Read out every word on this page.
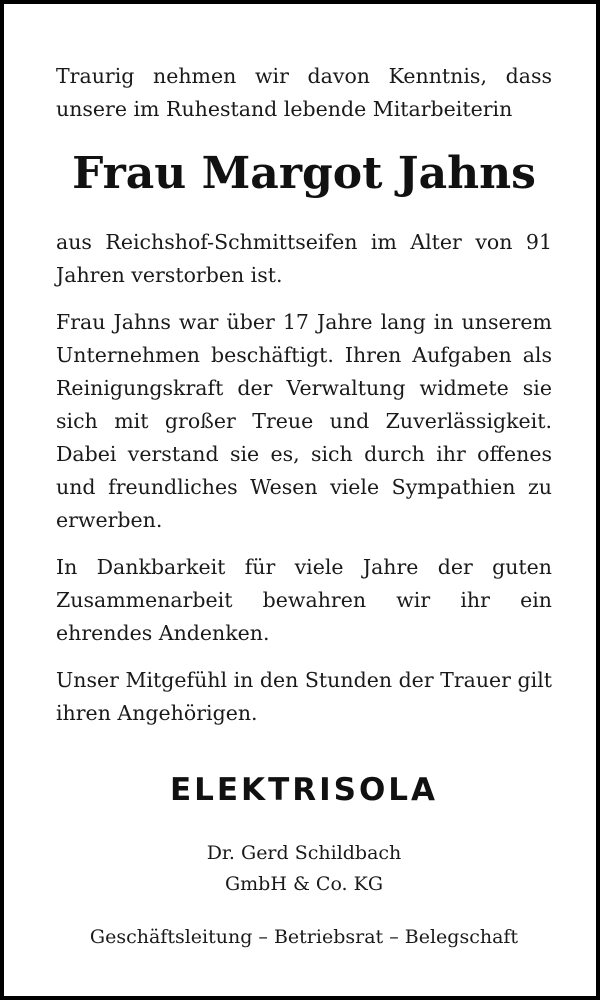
Traurig nehmen wir davon Kenntnis, dass unsere im Ruhestand lebende Mitarbeiterin

Frau Margot Jahns

aus Reichshof-Schmittseifen im Alter von 91 Jahren verstorben ist.

Frau Jahns war über 17 Jahre lang in unserem Unternehmen beschäftigt. Ihren Aufgaben als Reinigungskraft der Verwaltung widmete sie sich mit großer Treue und Zuverlässigkeit. Dabei verstand sie es, sich durch ihr offenes und freundliches Wesen viele Sympathien zu erwerben.

In Dankbarkeit für viele Jahre der guten Zusammenarbeit bewahren wir ihr ein ehrendes Andenken.

Unser Mitgefühl in den Stunden der Trauer gilt ihren Angehörigen.

ELEKTRISOLA
Dr. Gerd Schildbach
GmbH & Co. KG
Geschäftsleitung – Betriebsrat – Belegschaft
